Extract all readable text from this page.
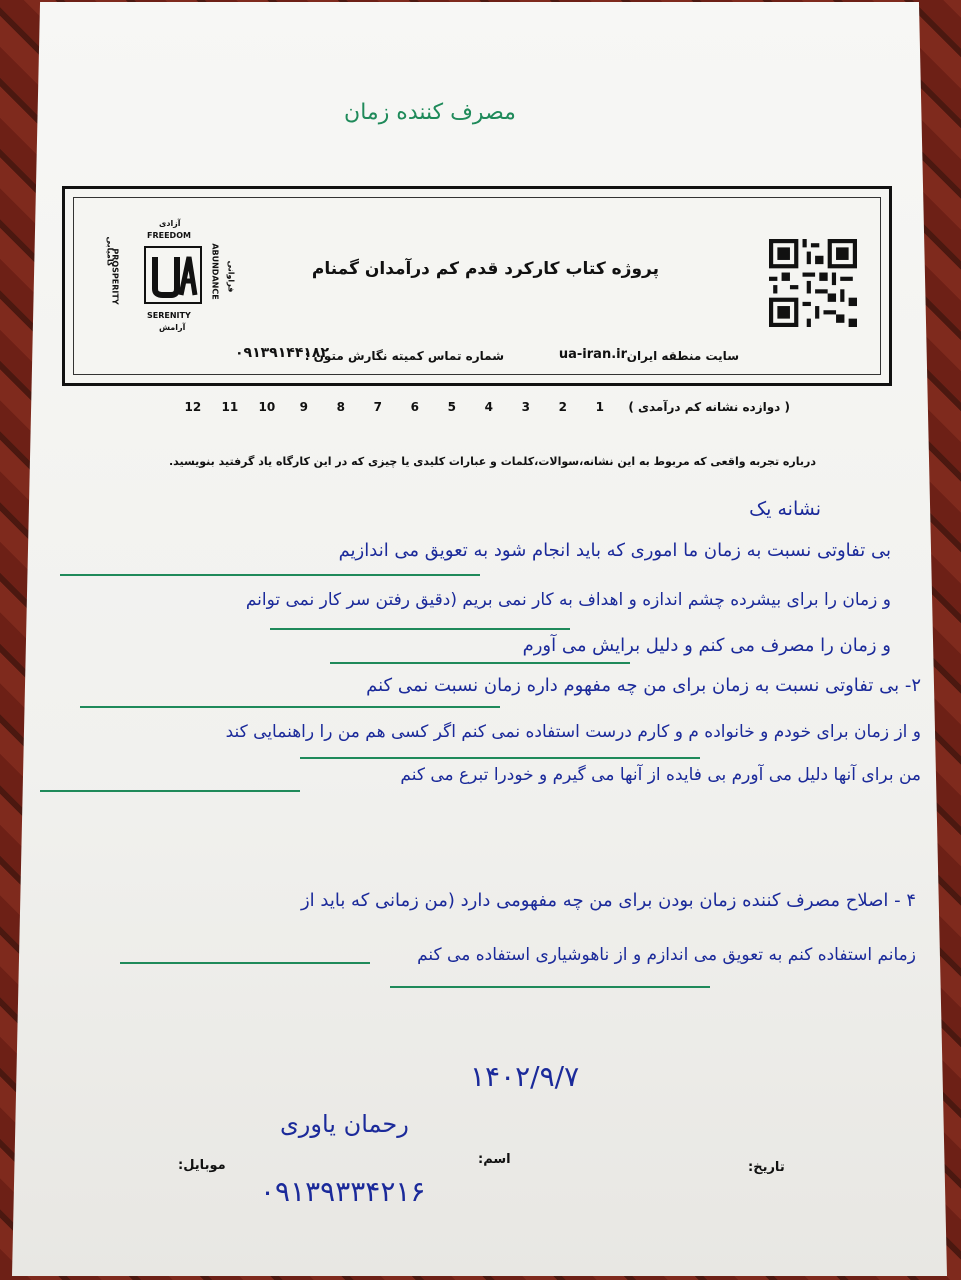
مصرف کننده زمان
آزادی
FREEDOM
PROSPERITY
کامیابی	ABUNDANCE فراوانی
SERENITY
آرامش
پروژه کتاب کارکرد قدم کم درآمدان گمنام
سایت منطقه ایران
ua-iran.ir
شماره تماس کمیته نگارش متون :
۰۹۱۳۹۱۴۴۱۸۲
( دوازده نشانه کم درآمدی )
1
2
3
4
5
6
7
8
9
10
11
12
درباره تجربه واقعی که مربوط به این نشانه،سوالات،کلمات و عبارات کلیدی یا چیزی که در این کارگاه یاد گرفتید بنویسید.
نشانه یک
بی تفاوتی نسبت به زمان ما اموری که باید انجام شود به تعویق می اندازیم
و زمان را برای بیشرده چشم اندازه و اهداف به کار نمی بریم (دقیق رفتن سر کار نمی توانم
و زمان را مصرف می کنم و دلیل برایش می آورم
۲- بی تفاوتی نسبت به زمان برای من چه مفهوم داره زمان نسبت نمی کنم
و از زمان برای خودم و خانواده م و کارم درست استفاده نمی کنم اگر کسی هم من را راهنمایی کند
من برای آنها دلیل می آورم بی فایده از آنها می گیرم و خودرا تبرع می کنم
۴ - اصلاح مصرف کننده زمان بودن برای من چه مفهومی دارد (من زمانی که باید از
زمانم استفاده کنم به تعویق می اندازم و از ناهوشیاری استفاده می کنم
۱۴۰۲/۹/۷
رحمان یاوری
۰۹۱۳۹۳۳۴۲۱۶
تاریخ:
اسم:
موبایل:
